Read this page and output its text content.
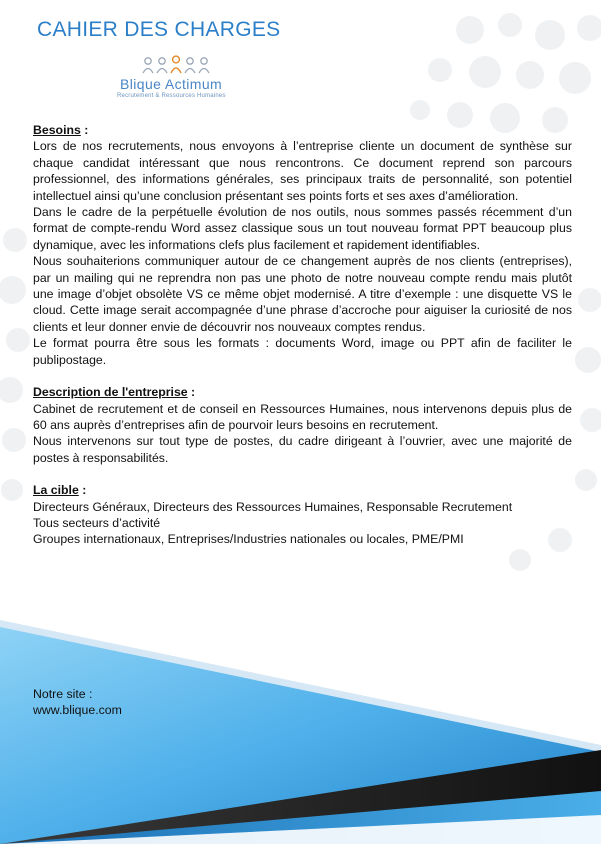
CAHIER DES CHARGES
Blique Actimum
Recrutement & Ressources Humaines
Besoins :

Lors de nos recrutements, nous envoyons à l’entreprise cliente un document de synthèse sur chaque candidat intéressant que nous rencontrons. Ce document reprend son parcours professionnel, des informations générales, ses principaux traits de personnalité, son potentiel intellectuel ainsi qu’une conclusion présentant ses points forts et ses axes d’amélioration.

Dans le cadre de la perpétuelle évolution de nos outils, nous sommes passés récemment d’un format de compte-rendu Word assez classique sous un tout nouveau format PPT beaucoup plus dynamique, avec les informations clefs plus facilement et rapidement identifiables.

Nous souhaiterions communiquer autour de ce changement auprès de nos clients (entreprises), par un mailing qui ne reprendra non pas une photo de notre nouveau compte rendu mais plutôt une image d’objet obsolète VS ce même objet modernisé. A titre d’exemple : une disquette VS le cloud. Cette image serait accompagnée d’une phrase d’accroche pour aiguiser la curiosité de nos clients et leur donner envie de découvrir nos nouveaux comptes rendus.

Le format pourra être sous les formats : documents Word, image ou PPT afin de faciliter le publipostage.

Description de l'entreprise :

Cabinet de recrutement et de conseil en Ressources Humaines, nous intervenons depuis plus de 60 ans auprès d’entreprises afin de pourvoir leurs besoins en recrutement.

Nous intervenons sur tout type de postes, du cadre dirigeant à l’ouvrier, avec une majorité de postes à responsabilités.

La cible :

Directeurs Généraux, Directeurs des Ressources Humaines, Responsable Recrutement

Tous secteurs d’activité

Groupes internationaux, Entreprises/Industries nationales ou locales, PME/PMI

Notre site :
www.blique.com
